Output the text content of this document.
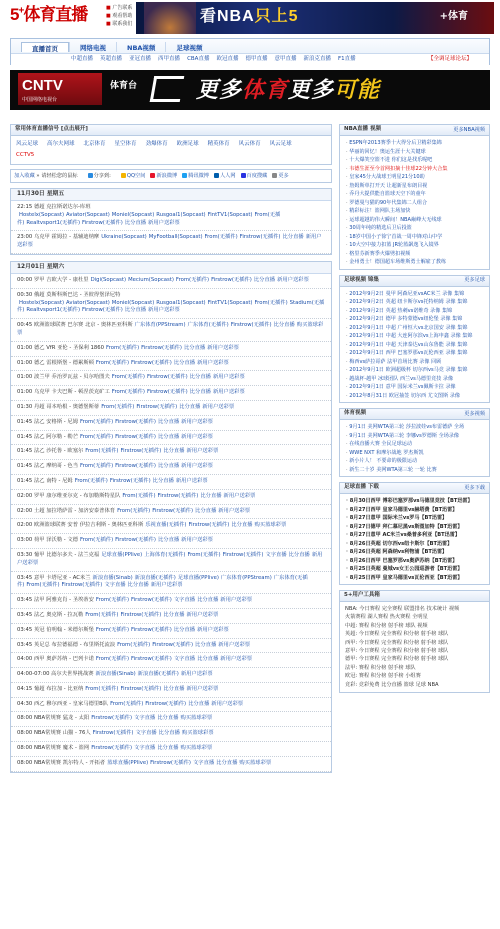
5+体育直播
■	广告联系
■ 观看帮助
■ 联系我们	看NBA只上5	+体育
直播首页	网络电视	NBA视频	足球视频
中超直播 英超直播 亚冠直播 西甲直播 CBA直播 欧冠直播 德甲直播 意甲直播 新浪克直播 F1直播	【全调足球论坛】
CNTV
中国网络电视台
体育台	更多体育更多可能
常用体育直播信号 [点击展开]
风云足球 高尔夫网球 北京体育 星空体育 劲爆体育 欧洲足球 精英体育 风云体育 风云足球CCTV5
加入收藏 » 请轻松您的鼠标	分享到:	QQ空间	新浪微博	腾讯微博	人人网	百度搜藏	更多
11月30日 星期五
22:15 德超 克拉斯诺达尔-库班Hostelx(Sopcast) Aviator(Sopcast) Moniel(Sopcast) Rusgoal1(Sopcast) FintTV1(Sopcast) From(无插件) Realtvsport1(无插件) Firstrow(无插件) 比分直播 新用户送彩票
23:00 乌克甲 霍姆拉 - 基辅迪纳摩 Ukraine(Sopcast) MyFootball(Sopcast) From(无插件) Firstrow(无插件) 比分直播 新用户送彩票
12月01日 星期六
00:00 罗甲 吉欧大学 - 康杜里 Digi(Sopcast) Mecium(Sopcast) From(无插件) Firstrow(无插件) 比分直播 新用户送彩票
00:30 俄超 莫斯科斯巴达 - 圣彼得堡泽尼特Hostelx(Sopcast) Aviator(Sopcast) Moniel(Sopcast) Rusgoal1(Sopcast) FintTV1(Sopcast) From(无插件) Stadium(无插件) Realtvsport1(无插件) Firstrow(无插件) 比分直播 新用户送彩票
00:45 欧洲篮球联赛 巴尔赛 北京 - 奥林匹亚科斯 广东体育(PPStream) 广东体育(无插件) Firstrow(无插件) 比分直播 购买篮球彩票
01:00 德乙 VfR 亚伦 - 圣保利 1860 From(无插件) Firstrow(无插件) 比分直播 新用户送彩票
01:00 德乙 雷根斯堡 - 德累斯顿 From(无插件) Firstrow(无插件) 比分直播 新用户送彩票
01:00 波兰甲 乔治罗瓦兹 - 贝尔哈图夫 From(无插件) Firstrow(无插件) 比分直播 新用户送彩票
01:00 乌克甲 卡夫巴斯 - 顿涅茨克矿工 From(无插件) Firstrow(无插件) 比分直播 新用户送彩票
01:30 丹超 哥本哈根 - 奥德堡斯蒂 From(无插件) Firstrow(无插件) 比分直播 新用户送彩票
01:45 法乙 安格斯 - 尼姆 From(无插件) Firstrow(无插件) 比分直播 新用户送彩票
01:45 法乙 阿尔勒 - 勒芒 From(无插件) Firstrow(无插件) 比分直播 新用户送彩票
01:45 法乙 沙托鲁 - 欧塞尔 From(无插件) Firstrow(无插件) 比分直播 新用户送彩票
01:45 法乙 摩纳哥 - 色当 From(无插件) Firstrow(无插件) 比分直播 新用户送彩票
01:45 法乙 南特 - 尼姆 From(无插件) Firstrow(无插件) 比分直播 新用户送彩票
02:00 罗甲 康尔维亚尔克 - 布加勒斯特星队 From(无插件) Firstrow(无插件) 比分直播 新用户送彩票
02:00 土超 加拉塔萨雷 - 加济安泰普体育 From(无插件) Firstrow(无插件) 比分直播 新用户送彩票
02:00 欧洲篮球联赛 安普 伊拉吉利斯 - 奥林匹亚科斯 乐视直播(无插件) Firstrow(无插件) 比分直播 购买篮球彩票
03:00 荷甲 泽沃勒 - 文德 From(无插件) Firstrow(无插件) 比分直播 新用户送彩票
03:30 葡甲 比德尔多夫 - 法兰克福 足球直播(PPlive) 上海体育(无插件) From(无插件) Firstrow(无插件) 文字直播 比分直播 新用户送彩票
03:45 意甲 卡塔尼亚 - AC米兰 新浪直播(Sinab) 新浪直播(无插件) 足球直播(PPlive) 广东体育(PPStream) 广东体育(无插件) From(无插件) Firstrow(无插件) 文字直播 比分直播 新用户送彩票
03:45 法甲 阿雅克肖 - 圣埃蒂安 From(无插件) Firstrow(无插件) 文字直播 比分直播 新用户送彩票
03:45 法乙 奥克斯 - 拉瓦勒 From(无插件) Firstrow(无插件) 比分直播 新用户送彩票
03:45 英冠 伯明翰 - 米德尔斯堡 From(无插件) Firstrow(无插件) 比分直播 新用户送彩票
03:45 英足总 布拉德福德 - 布里斯托流浪 From(无插件) Firstrow(无插件) 比分直播 新用户送彩票
04:00 西甲 奥萨苏纳 - 巴列卡诺 From(无插件) Firstrow(无插件) 文字直播 比分直播 新用户送彩票
04:00-07:00 高尔夫世界挑战赛 新浪直播(Sinab) 新浪直播(无插件) 新用户送彩票
04:15 葡超 布拉加 - 比亚纳 From(无插件) Firstrow(无插件) 比分直播 新用户送彩票
04:30 西乙 穆尔西亚 - 皇家马德里B队 From(无插件) Firstrow(无插件) 比分直播 新用户送彩票
08:00 NBA常规赛 猛龙 - 太阳 Firstrow(无插件) 文字直播 比分直播 购买篮球彩票
08:00 NBA常规赛 山猫 - 76人 Firstrow(无插件) 文字直播 比分直播 购买篮球彩票
08:00 NBA常规赛 魔术 - 篮网 Firstrow(无插件) 文字直播 比分直播 购买篮球彩票
08:00 NBA常规赛 凯尔特人 - 开拓者 篮球直播(PPlive) Firstrow(无插件) 文字直播 比分直播 购买篮球彩票
NBA直播 视频	更多NBA视频
· ESPN年2013赛季十大得分后卫精彩集锦
· 华丽的回忆！奥运生涯十大关键球
· 十大爆笑空篮不进 你们这是找乐呢吧
· 韦德生涯至今首网扣摘十佳球22分钟大合集
· 皇家45分大战球王明星21分10助
· 詹姆斯单打开天 让超新星布朗目视
· 乔丹大提供能自篮球天空下的童年
· 罗德曼与猫的90年代集锦二人组合
· 精彩标注！篮网队主场加快
· 运球超越的伟大瞬间！NBA巅峰大无线球
· 30周年纯的精选后卫后投篮
· 18岁中国小子徐宁首战一周中锋对山中学
· 10大空中接力扣篮 JR轮篮飙逸飞入镜界
· 格里芬新赛季火爆劈扣视频
· 金州勇士！德国超车场维斯勇士解雇了教练
足球视频 锦集	更多足球
· 2012年9月2日 曼甲 阿森尼亚vsAC米兰 录像 集锦
· 2012年9月2日 英超 纽卡斯尔vs托特纳姆 录像 集锦
· 2012年9月2日 英超 热刺vs诺维奇 录像 集锦
· 2012年9月2日 德甲 多特蒙德vs纽伦堡 录像 集锦
· 2012年9月1日 中超 广州恒大vs北京国安 录像 集锦
· 2012年9月1日 中超 大连阿尔滨vs上海申鑫 录像 集锦
· 2012年9月1日 中超 天津泰达vs山东鲁能 录像 集锦
· 2012年9月1日 西甲 巴塞罗那vs瓦伦西亚 录像 集锦
· 梅西vs萨拉哥萨 法甲首场比赛 录像 回顾
· 2012年9月1日 欧洲超级杯 切尔西vs马竞 录像 集锦
· 越战杯·越甲 冰球团队 西兰vs马德里竞技 录像
· 2012年9月1日 意甲 国际米兰vs佩斯卡拉 录像
· 2012年8月31日 欧冠抽签 切尔西 尤文图斯 录像
体育视频	更多视频
· 9月1日 美网WTA第三轮 莎拉波娃vs布雷德萨 全场
· 9月1日 美网WTA第三轮 李娜vs罗德斯 全场录像
· 在线直播大赛 全民足球运动
· WWE NXT 和摩尔战地 罗杰斯凯
· 新小片人！ 不要命的极限运动
· 新生二十岁 美网WTA第三轮 一轮 比赛
足球直播 下载	更多下载
· 8月30日西甲 博彩巴塞罗那vs马德里竞技【BT迅雷】
· 8月27日西甲 皇家马德里vs赫塔费【BT迅雷】
· 8月27日意甲 国际米兰vs罗马【BT迅雷】
· 8月27日德甲 拜仁慕尼黑vs斯图加特【BT迅雷】
· 8月27日意甲 AC米兰vs桑普多利亚【BT迅雷】
· 8月26日英超 切尔西vs纽卡斯尔【BT迅雷】
· 8月26日英超 阿森纳vs利物浦【BT迅雷】
· 8月26日西甲 巴塞罗那vs奥萨苏纳【BT迅雷】
· 8月25日英超 曼城vs女王公园巡游者【BT迅雷】
· 8月25日西甲 皇家马德里vs瓦伦西亚【BT迅雷】
5+用户工具箱
NBA: 今日赛程 完全赛程 联盟排名 技术统计 视频
火箭赛程 湖人赛程 热火赛程 全明星
中超: 赛程 积分榜 射手榜 球队 视频
英超: 今日赛程 完全赛程 积分榜 射手榜 球队
西甲: 今日赛程 完全赛程 积分榜 射手榜 球队
意甲: 今日赛程 完全赛程 积分榜 射手榜 球队
德甲: 今日赛程 完全赛程 积分榜 射手榜 球队
法甲: 赛程 积分榜 射手榜 球队
欧冠: 赛程 积分榜 射手榜 小组赛
竞彩: 竞彩免费 比分直播 篮球 足球 NBA
